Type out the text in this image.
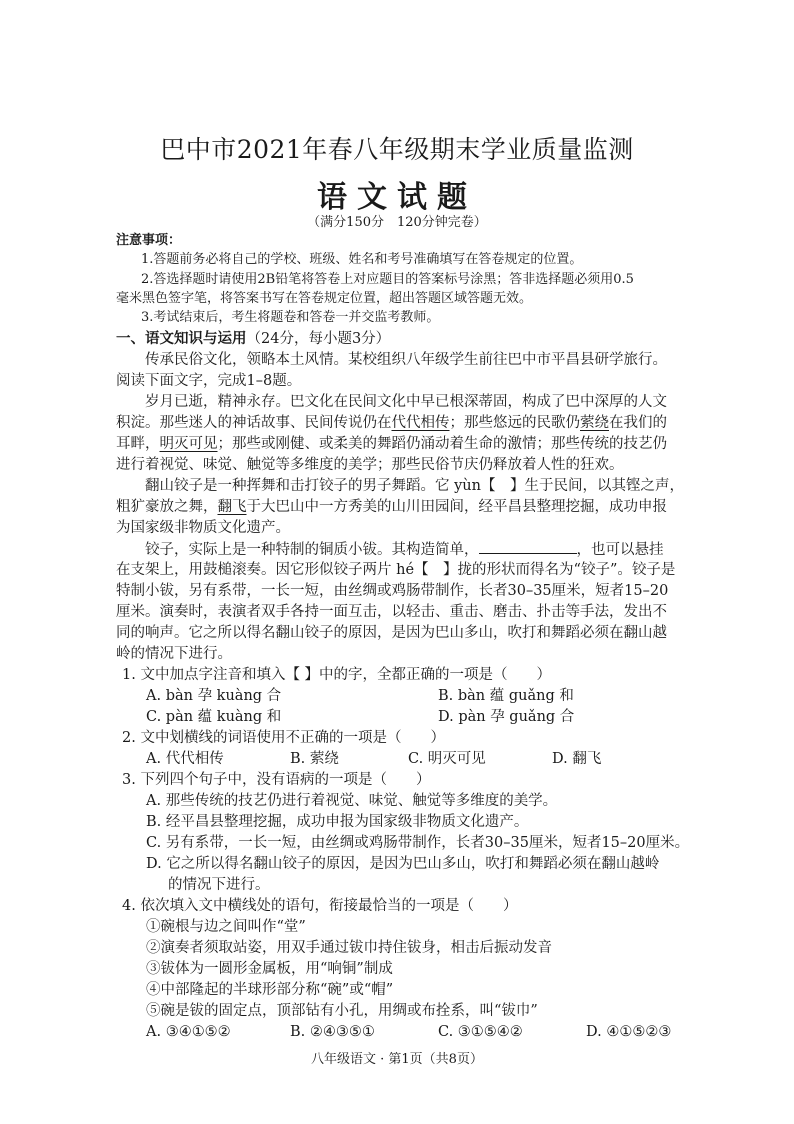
巴中市2021年春八年级期末学业质量监测
语文试题
（满分150分　120分钟完卷）
注意事项：
1.答题前务必将自己的学校、班级、姓名和考号准确填写在答卷规定的位置。
2.答选择题时请使用2B铅笔将答卷上对应题目的答案标号涂黑；答非选择题必须用0.5
毫米黑色签字笔，将答案书写在答卷规定位置，超出答题区域答题无效。
3.考试结束后，考生将题卷和答卷一并交监考教师。
一、语文知识与运用（24分，每小题3分）
传承民俗文化，领略本土风情。某校组织八年级学生前往巴中市平昌县研学旅行。
阅读下面文字，完成1–8题。
岁月已逝，精神永存。巴文化在民间文化中早已根深蒂固，构成了巴中深厚的人文
积淀。那些迷人的神话故事、民间传说仍在代代相传；那些悠远的民歌仍萦绕在我们的
耳畔，明灭可见；那些或刚健、或柔美的舞蹈仍涌动着生命的激情；那些传统的技艺仍
进行着视觉、味觉、触觉等多维度的美学；那些民俗节庆仍释放着人性的狂欢。
翻山铰子是一种挥舞和击打铰子的男子舞蹈。它 yùn【　】生于民间，以其铿之声，
粗犷豪放之舞，翻飞于大巴山中一方秀美的山川田园间，经平昌县整理挖掘，成功申报
为国家级非物质文化遗产。
铰子，实际上是一种特制的铜质小钹。其构造简单，	，也可以悬挂
在支架上，用鼓槌滚奏。因它形似铰子两片 hé【　】拢的形状而得名为“铰子”。铰子是
特制小钹，另有系带，一长一短，由丝绸或鸡肠带制作，长者30–35厘米，短者15–20
厘米。演奏时，表演者双手各持一面互击，以轻击、重击、磨击、扑击等手法，发出不
同的响声。它之所以得名翻山铰子的原因，是因为巴山多山，吹打和舞蹈必须在翻山越
岭的情况下进行。
1. 文中加点字注音和填入【 】中的字，全都正确的一项是（　　）
A. bàn 孕 kuàng 合	B. bàn 蕴 guǎng 和
C. pàn 蕴 kuàng 和	D. pàn 孕 guǎng 合
2. 文中划横线的词语使用不正确的一项是（　　）
A. 代代相传	B. 萦绕	C. 明灭可见	D. 翻飞
3. 下列四个句子中，没有语病的一项是（　　）
A. 那些传统的技艺仍进行着视觉、味觉、触觉等多维度的美学。
B. 经平昌县整理挖掘，成功申报为国家级非物质文化遗产。
C. 另有系带，一长一短，由丝绸或鸡肠带制作，长者30–35厘米，短者15–20厘米。
D. 它之所以得名翻山铰子的原因，是因为巴山多山，吹打和舞蹈必须在翻山越岭
的情况下进行。
4. 依次填入文中横线处的语句，衔接最恰当的一项是（　　）
①碗根与边之间叫作“堂”
②演奏者须取站姿，用双手通过钹巾持住钹身，相击后振动发音
③钹体为一圆形金属板，用“响铜”制成
④中部隆起的半球形部分称“碗”或“帽”
⑤碗是钹的固定点，顶部钻有小孔，用绸或布拴系，叫“钹巾”
A. ③④①⑤②	B. ②④③⑤①	C. ③①⑤④②	D. ④①⑤②③
八年级语文 · 第1页（共8页）
